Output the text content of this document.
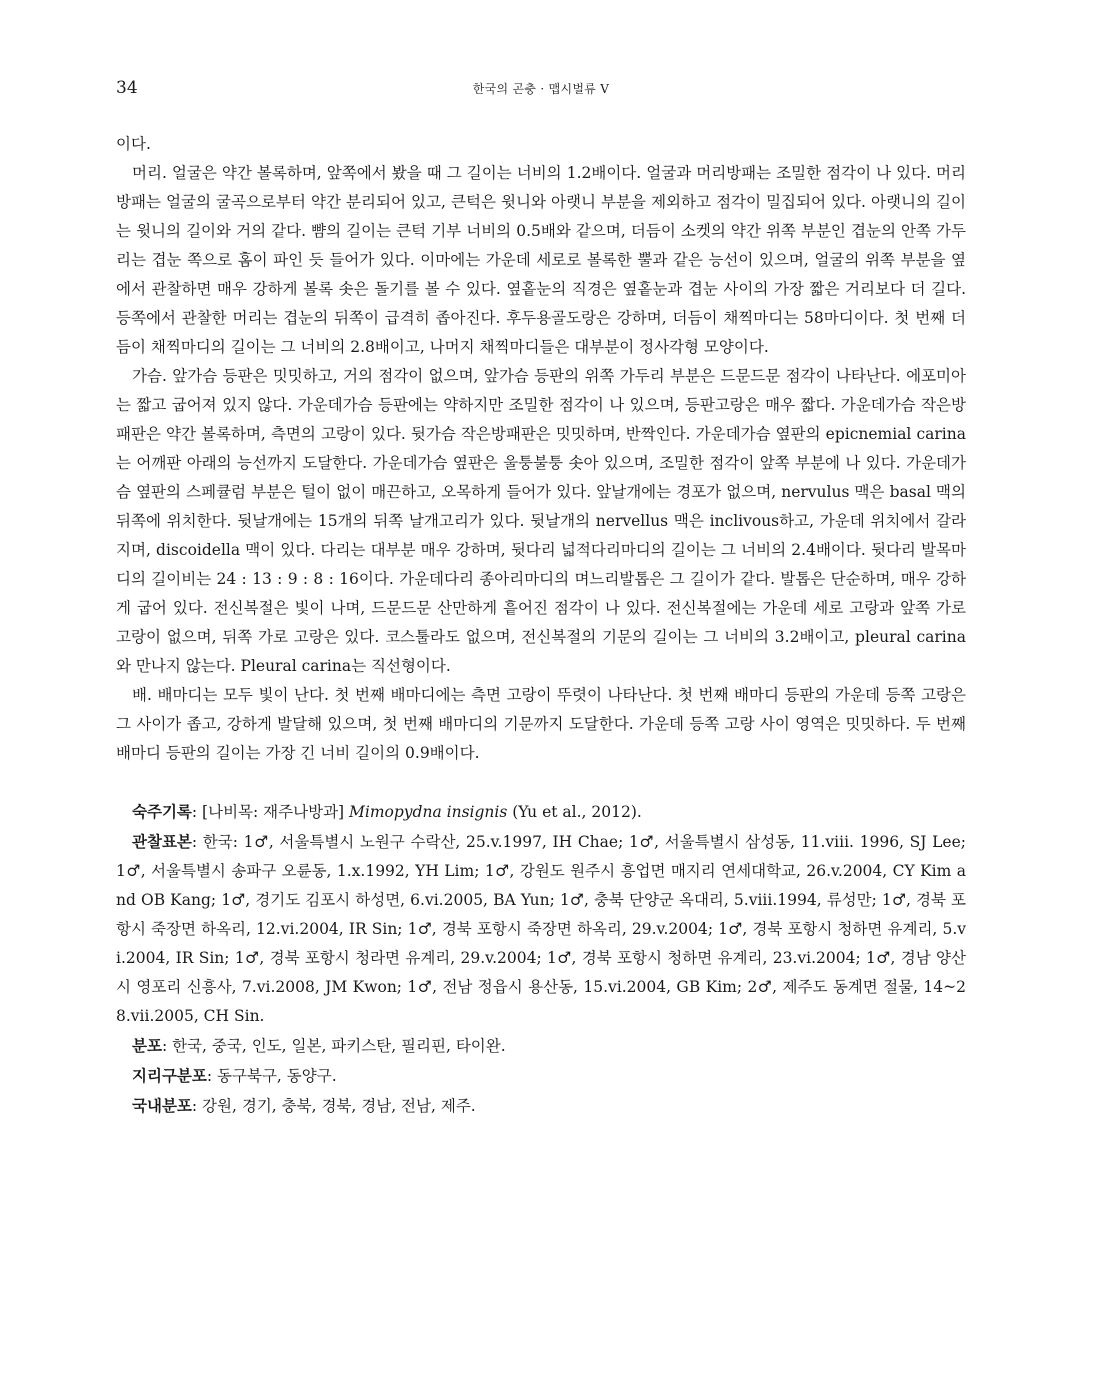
34	한국의 곤충 · 맵시벌류 V

이다.

머리. 얼굴은 약간 볼록하며, 앞쪽에서 봤을 때 그 길이는 너비의 1.2배이다. 얼굴과 머리방패는 조밀한 점각이 나 있다. 머리방패는 얼굴의 굴곡으로부터 약간 분리되어 있고, 큰턱은 윗니와 아랫니 부분을 제외하고 점각이 밀집되어 있다. 아랫니의 길이는 윗니의 길이와 거의 같다. 뺨의 길이는 큰턱 기부 너비의 0.5배와 같으며, 더듬이 소켓의 약간 위쪽 부분인 겹눈의 안쪽 가두리는 겹눈 쪽으로 홈이 파인 듯 들어가 있다. 이마에는 가운데 세로로 볼록한 뿔과 같은 능선이 있으며, 얼굴의 위쪽 부분을 옆에서 관찰하면 매우 강하게 볼록 솟은 돌기를 볼 수 있다. 옆홑눈의 직경은 옆홑눈과 겹눈 사이의 가장 짧은 거리보다 더 길다. 등쪽에서 관찰한 머리는 겹눈의 뒤쪽이 급격히 좁아진다. 후두용골도랑은 강하며, 더듬이 채찍마디는 58마디이다. 첫 번째 더듬이 채찍마디의 길이는 그 너비의 2.8배이고, 나머지 채찍마디들은 대부분이 정사각형 모양이다.

가슴. 앞가슴 등판은 밋밋하고, 거의 점각이 없으며, 앞가슴 등판의 위쪽 가두리 부분은 드문드문 점각이 나타난다. 에포미아는 짧고 굽어져 있지 않다. 가운데가슴 등판에는 약하지만 조밀한 점각이 나 있으며, 등판고랑은 매우 짧다. 가운데가슴 작은방패판은 약간 볼록하며, 측면의 고랑이 있다. 뒷가슴 작은방패판은 밋밋하며, 반짝인다. 가운데가슴 옆판의 epicnemial carina는 어깨판 아래의 능선까지 도달한다. 가운데가슴 옆판은 울퉁불퉁 솟아 있으며, 조밀한 점각이 앞쪽 부분에 나 있다. 가운데가슴 옆판의 스페큘럼 부분은 털이 없이 매끈하고, 오목하게 들어가 있다. 앞날개에는 경포가 없으며, nervulus 맥은 basal 맥의 뒤쪽에 위치한다. 뒷날개에는 15개의 뒤쪽 날개고리가 있다. 뒷날개의 nervellus 맥은 inclivous하고, 가운데 위치에서 갈라지며, discoidella 맥이 있다. 다리는 대부분 매우 강하며, 뒷다리 넓적다리마디의 길이는 그 너비의 2.4배이다. 뒷다리 발목마디의 길이비는 24 : 13 : 9 : 8 : 16이다. 가운데다리 종아리마디의 며느리발톱은 그 길이가 같다. 발톱은 단순하며, 매우 강하게 굽어 있다. 전신복절은 빛이 나며, 드문드문 산만하게 흩어진 점각이 나 있다. 전신복절에는 가운데 세로 고랑과 앞쪽 가로 고랑이 없으며, 뒤쪽 가로 고랑은 있다. 코스툴라도 없으며, 전신복절의 기문의 길이는 그 너비의 3.2배이고, pleural carina와 만나지 않는다. Pleural carina는 직선형이다.

배. 배마디는 모두 빛이 난다. 첫 번째 배마디에는 측면 고랑이 뚜렷이 나타난다. 첫 번째 배마디 등판의 가운데 등쪽 고랑은 그 사이가 좁고, 강하게 발달해 있으며, 첫 번째 배마디의 기문까지 도달한다. 가운데 등쪽 고랑 사이 영역은 밋밋하다. 두 번째 배마디 등판의 길이는 가장 긴 너비 길이의 0.9배이다.

숙주기록: [나비목: 재주나방과] Mimopydna insignis (Yu et al., 2012).

관찰표본: 한국: 1♂, 서울특별시 노원구 수락산, 25.v.1997, IH Chae; 1♂, 서울특별시 삼성동, 11.viii. 1996, SJ Lee; 1♂, 서울특별시 송파구 오륜동, 1.x.1992, YH Lim; 1♂, 강원도 원주시 흥업면 매지리 연세대학교, 26.v.2004, CY Kim and OB Kang; 1♂, 경기도 김포시 하성면, 6.vi.2005, BA Yun; 1♂, 충북 단양군 옥대리, 5.viii.1994, 류성만; 1♂, 경북 포항시 죽장면 하옥리, 12.vi.2004, IR Sin; 1♂, 경북 포항시 죽장면 하옥리, 29.v.2004; 1♂, 경북 포항시 청하면 유계리, 5.vi.2004, IR Sin; 1♂, 경북 포항시 청라면 유계리, 29.v.2004; 1♂, 경북 포항시 청하면 유계리, 23.vi.2004; 1♂, 경남 양산시 영포리 신흥사, 7.vi.2008, JM Kwon; 1♂, 전남 정읍시 용산동, 15.vi.2004, GB Kim; 2♂, 제주도 동계면 절물, 14~28.vii.2005, CH Sin.

분포: 한국, 중국, 인도, 일본, 파키스탄, 필리핀, 타이완.

지리구분포: 동구북구, 동양구.

국내분포: 강원, 경기, 충북, 경북, 경남, 전남, 제주.
